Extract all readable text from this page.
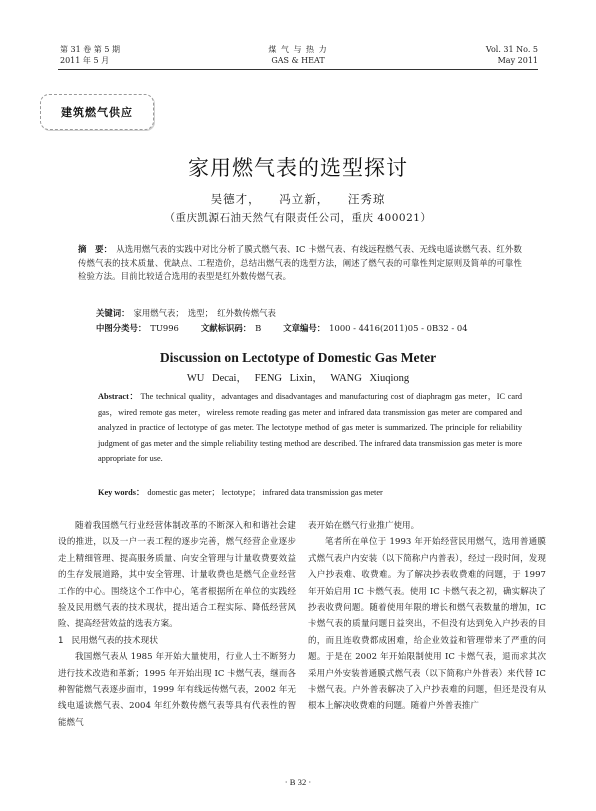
第 31 卷 第 5 期
2011 年 5 月
煤 气 与 热 力
GAS & HEAT
Vol. 31 No. 5
May 2011
建筑燃气供应
家用燃气表的选型探讨
吴德才， 冯立新， 汪秀琼
（重庆凯源石油天然气有限责任公司，重庆 400021）
摘　要： 从选用燃气表的实践中对比分析了膜式燃气表、IC 卡燃气表、有线远程燃气表、无线电遥读燃气表、红外数传燃气表的技术质量、优缺点、工程造价，总结出燃气表的选型方法，阐述了燃气表的可靠性判定原则及简单的可靠性检验方法。目前比较适合选用的表型是红外数传燃气表。
关键词： 家用燃气表；　选型；　红外数传燃气表
中图分类号： TU996	文献标识码： B	文章编号： 1000 - 4416(2011)05 - 0B32 - 04
Discussion on Lectotype of Domestic Gas Meter
WU Decai， FENG Lixin， WANG Xiuqiong
Abstract： The technical quality，advantages and disadvantages and manufacturing cost of diaphragm gas meter，IC card gas，wired remote gas meter，wireless remote reading gas meter and infrared data transmission gas meter are compared and analyzed in practice of lectotype of gas meter. The lectotype method of gas meter is summarized. The principle for reliability judgment of gas meter and the simple reliability testing method are described. The infrared data transmission gas meter is more appropriate for use.
Key words： domestic gas meter； lectotype； infrared data transmission gas meter

随着我国燃气行业经营体制改革的不断深入和和谐社会建设的推进，以及一户一表工程的逐步完善，燃气经营企业逐步走上精细管理、提高服务质量、向安全管理与计量收费要效益的生存发展道路，其中安全管理、计量收费也是燃气企业经营工作的中心。围绕这个工作中心，笔者根据所在单位的实践经验及民用燃气表的技术现状，提出适合工程实际、降低经营风险、提高经营效益的选表方案。

1 民用燃气表的技术现状

我国燃气表从 1985 年开始大量使用，行业人士不断努力进行技术改造和革新；1995 年开始出现 IC 卡燃气表，继而各种智能燃气表逐步面市，1999 年有线远传燃气表，2002 年无线电遥读燃气表、2004 年红外数传燃气表等具有代表性的智能燃气

表开始在燃气行业推广使用。

笔者所在单位于 1993 年开始经营民用燃气，选用普通膜式燃气表户内安装（以下简称户内普表），经过一段时间，发现入户抄表难、收费难。为了解决抄表收费难的问题，于 1997 年开始启用 IC 卡燃气表。使用 IC 卡燃气表之初，确实解决了抄表收费问题。随着使用年限的增长和燃气表数量的增加，IC 卡燃气表的质量问题日益突出，不但没有达到免入户抄表的目的，而且连收费都成困难，给企业效益和管理带来了严重的问题。于是在 2002 年开始限制使用 IC 卡燃气表，退而求其次采用户外安装普通膜式燃气表（以下简称户外普表）来代替 IC 卡燃气表。户外普表解决了入户抄表难的问题，但还是没有从根本上解决收费难的问题。随着户外普表推广

· B 32 ·
